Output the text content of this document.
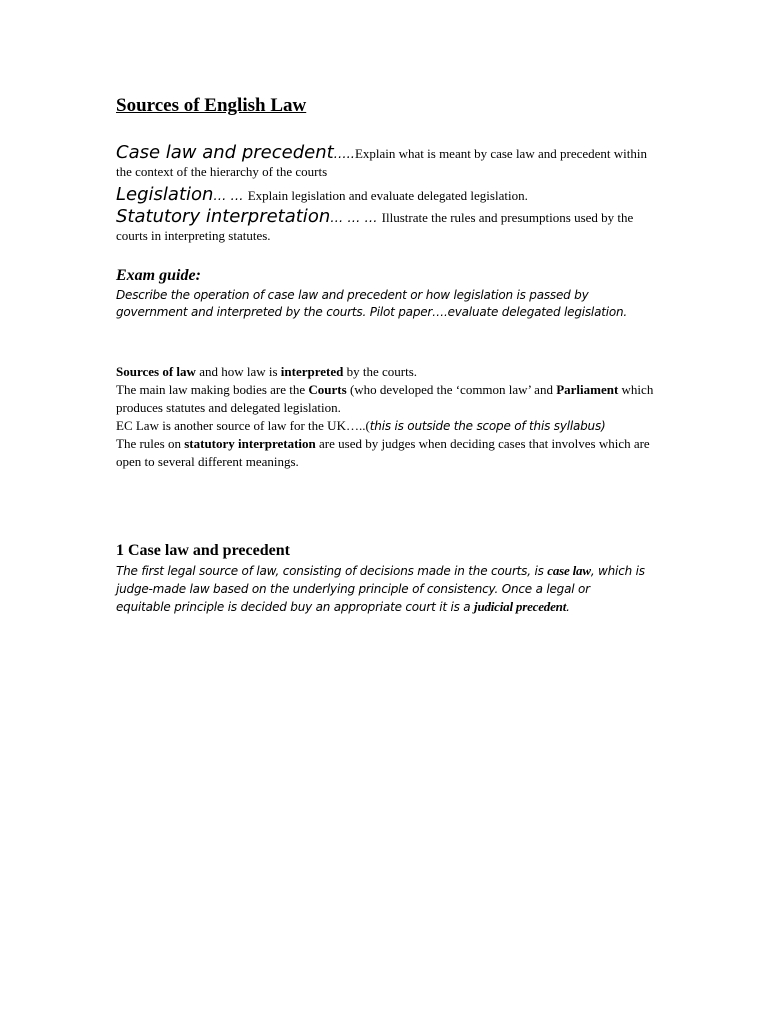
Sources of English Law
Case law and precedent…..Explain what is meant by case law and precedent within the context of the hierarchy of the courts
Legislation… … Explain legislation and evaluate delegated legislation.
Statutory interpretation… … … Illustrate the rules and presumptions used by the courts in interpreting statutes.
Exam guide:
Describe the operation of case law and precedent or how legislation is passed by government and interpreted by the courts. Pilot paper….evaluate delegated legislation.

Sources of law and how law is interpreted by the courts.

The main law making bodies are the Courts (who developed the ‘common law’ and Parliament which produces statutes and delegated legislation.

EC Law is another source of law for the UK…..(this is outside the scope of this syllabus)

The rules on statutory interpretation are used by judges when deciding cases that involves which are open to several different meanings.

1 Case law and precedent
The first legal source of law, consisting of decisions made in the courts, is case law, which is judge-made law based on the underlying principle of consistency. Once a legal or equitable principle is decided buy an appropriate court it is a judicial precedent.
